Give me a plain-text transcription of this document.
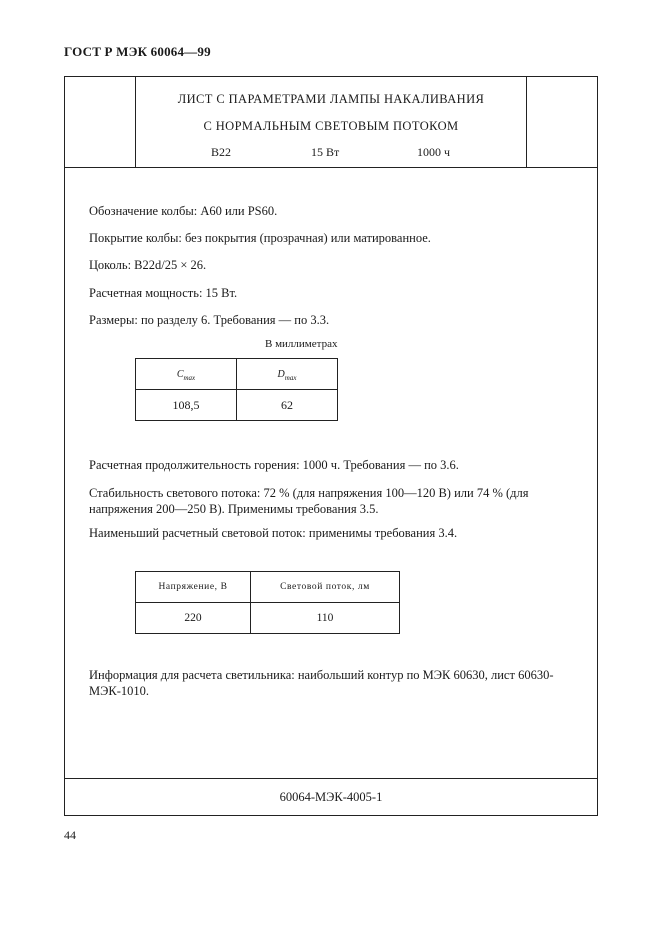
ГОСТ Р МЭК 60064—99
ЛИСТ С ПАРАМЕТРАМИ ЛАМПЫ НАКАЛИВАНИЯ
С НОРМАЛЬНЫМ СВЕТОВЫМ ПОТОКОМ
B22	15 Вт	1000 ч
Обозначение колбы: A60 или PS60.
Покрытие колбы: без покрытия (прозрачная) или матированное.
Цоколь: B22d/25 × 26.
Расчетная мощность: 15 Вт.
Размеры: по разделу 6. Требования — по 3.3.
В миллиметрах
$C_{max}$	$D_{max}$
108,5	62
Расчетная продолжительность горения: 1000 ч. Требования — по 3.6.
Стабильность светового потока: 72 % (для напряжения 100—120 В) или 74 % (для напряжения 200—250 В). Применимы требования 3.5.
Наименьший расчетный световой поток: применимы требования 3.4.
Напряжение, В	Световой поток, лм
220	110
Информация для расчета светильника: наибольший контур по МЭК 60630, лист 60630-МЭК-1010.
60064-МЭК-4005-1
44
